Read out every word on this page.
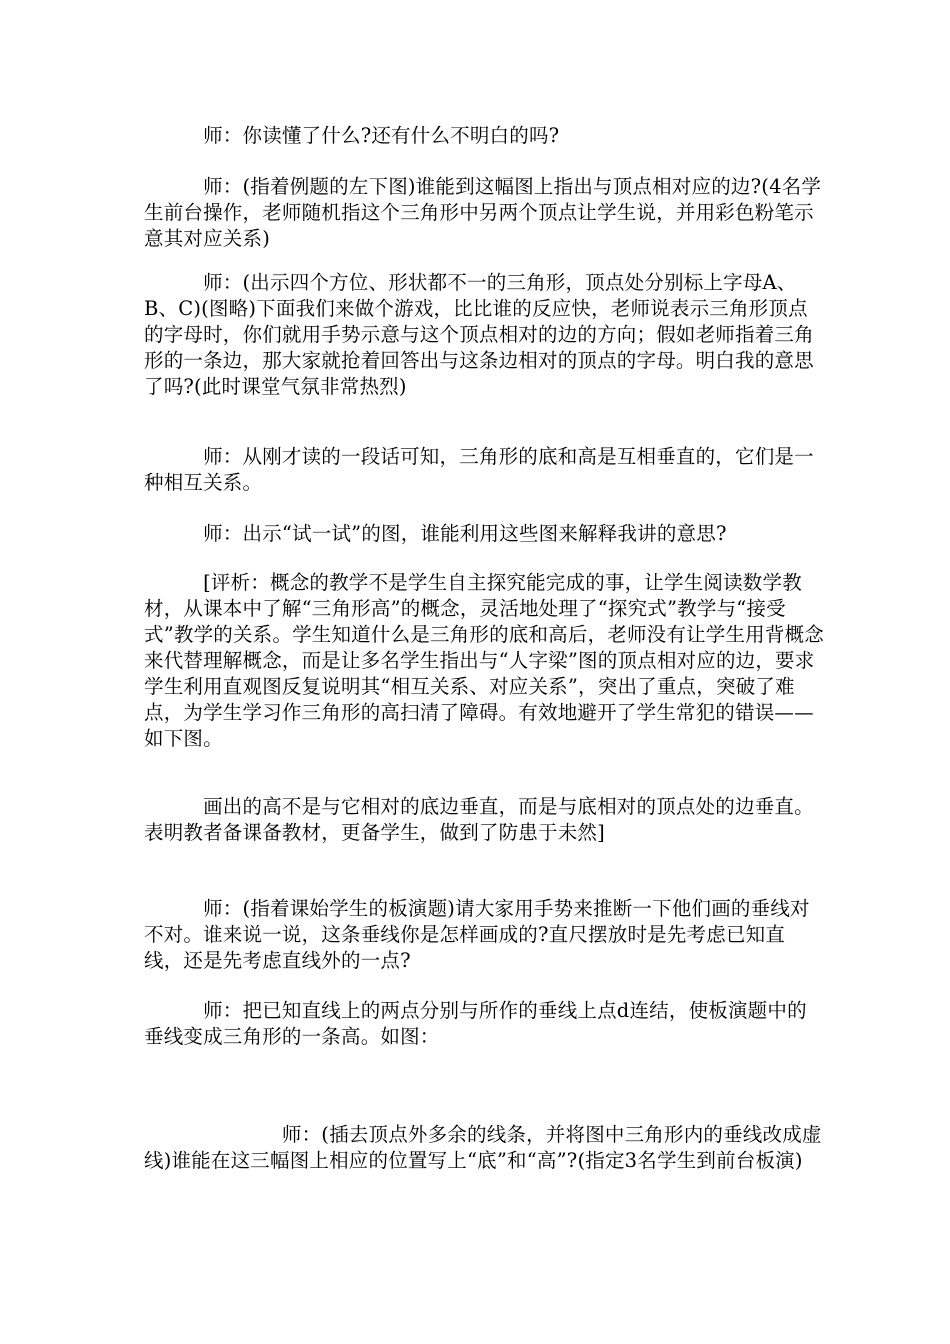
　　　师：你读懂了什么?还有什么不明白的吗?

　　　师：(指着例题的左下图)谁能到这幅图上指出与顶点相对应的边?(4名学生前台操作，老师随机指这个三角形中另两个顶点让学生说，并用彩色粉笔示意其对应关系)

　　　师：(出示四个方位、形状都不一的三角形，顶点处分别标上字母A、B、C)(图略)下面我们来做个游戏，比比谁的反应快，老师说表示三角形顶点的字母时，你们就用手势示意与这个顶点相对的边的方向；假如老师指着三角形的一条边，那大家就抢着回答出与这条边相对的顶点的字母。明白我的意思了吗?(此时课堂气氛非常热烈)

　　　师：从刚才读的一段话可知，三角形的底和高是互相垂直的，它们是一种相互关系。

　　　师：出示“试一试”的图，谁能利用这些图来解释我讲的意思?

　　　[评析：概念的教学不是学生自主探究能完成的事，让学生阅读数学教材，从课本中了解“三角形高”的概念，灵活地处理了“探究式”教学与“接受式”教学的关系。学生知道什么是三角形的底和高后，老师没有让学生用背概念来代替理解概念，而是让多名学生指出与“人字梁”图的顶点相对应的边，要求学生利用直观图反复说明其“相互关系、对应关系”，突出了重点，突破了难点，为学生学习作三角形的高扫清了障碍。有效地避开了学生常犯的错误——如下图。

　　　画出的高不是与它相对的底边垂直，而是与底相对的顶点处的边垂直。表明教者备课备教材，更备学生，做到了防患于未然]

　　　师：(指着课始学生的板演题)请大家用手势来推断一下他们画的垂线对不对。谁来说一说，这条垂线你是怎样画成的?直尺摆放时是先考虑已知直线，还是先考虑直线外的一点?

　　　师：把已知直线上的两点分别与所作的垂线上点d连结，使板演题中的垂线变成三角形的一条高。如图：

　　　　　　　师：(插去顶点外多余的线条，并将图中三角形内的垂线改成虚线)谁能在这三幅图上相应的位置写上“底”和“高”?(指定3名学生到前台板演)
